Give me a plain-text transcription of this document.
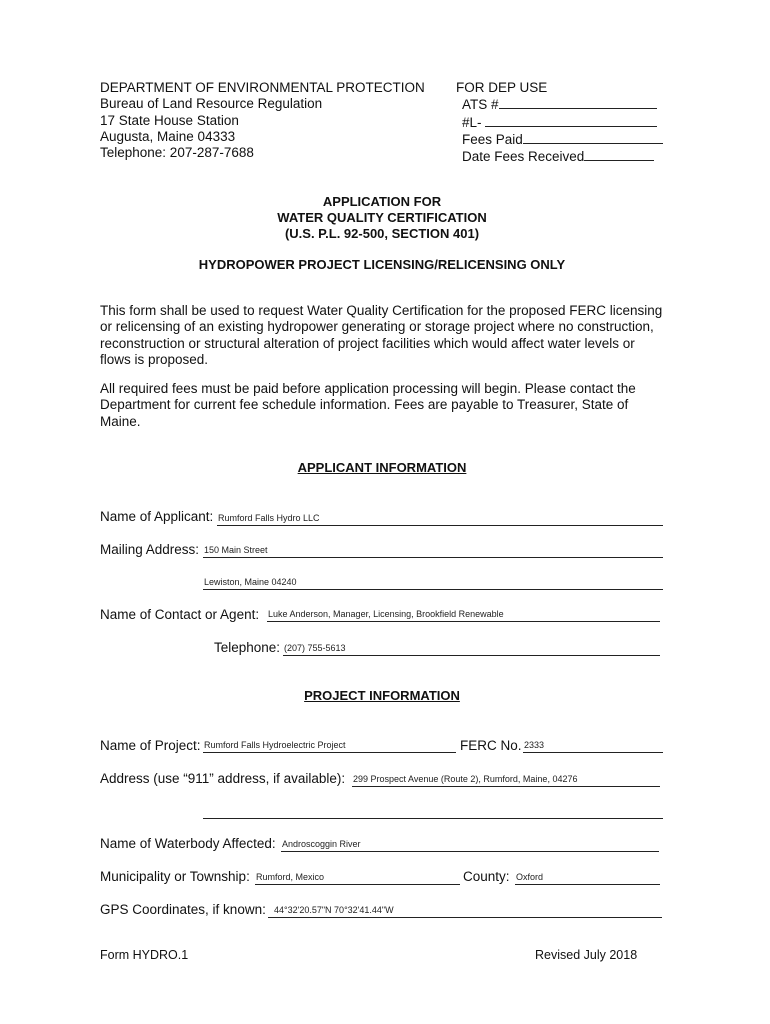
DEPARTMENT OF ENVIRONMENTAL PROTECTION
Bureau of Land Resource Regulation
17 State House Station
Augusta, Maine 04333
Telephone: 207-287-7688
FOR DEP USE
ATS #
#L-
Fees Paid
Date Fees Received
APPLICATION FOR
WATER QUALITY CERTIFICATION
(U.S. P.L. 92-500, SECTION 401)
HYDROPOWER PROJECT LICENSING/RELICENSING ONLY
This form shall be used to request Water Quality Certification for the proposed FERC licensing or relicensing of an existing hydropower generating or storage project where no construction, reconstruction or structural alteration of project facilities which would affect water levels or flows is proposed.
All required fees must be paid before application processing will begin. Please contact the Department for current fee schedule information. Fees are payable to Treasurer, State of Maine.
APPLICANT INFORMATION
Name of Applicant: Rumford Falls Hydro LLC
Mailing Address: 150 Main Street
Lewiston, Maine 04240
Name of Contact or Agent: Luke Anderson, Manager, Licensing, Brookfield Renewable
Telephone: (207) 755-5613
PROJECT INFORMATION
Name of Project: Rumford Falls Hydroelectric Project	FERC No. 2333
Address (use “911” address, if available): 299 Prospect Avenue (Route 2), Rumford, Maine, 04276
Name of Waterbody Affected: Androscoggin River
Municipality or Township: Rumford, Mexico	County: Oxford
GPS Coordinates, if known: 44°32'20.57"N 70°32'41.44"W
Form HYDRO.1	Revised July 2018
